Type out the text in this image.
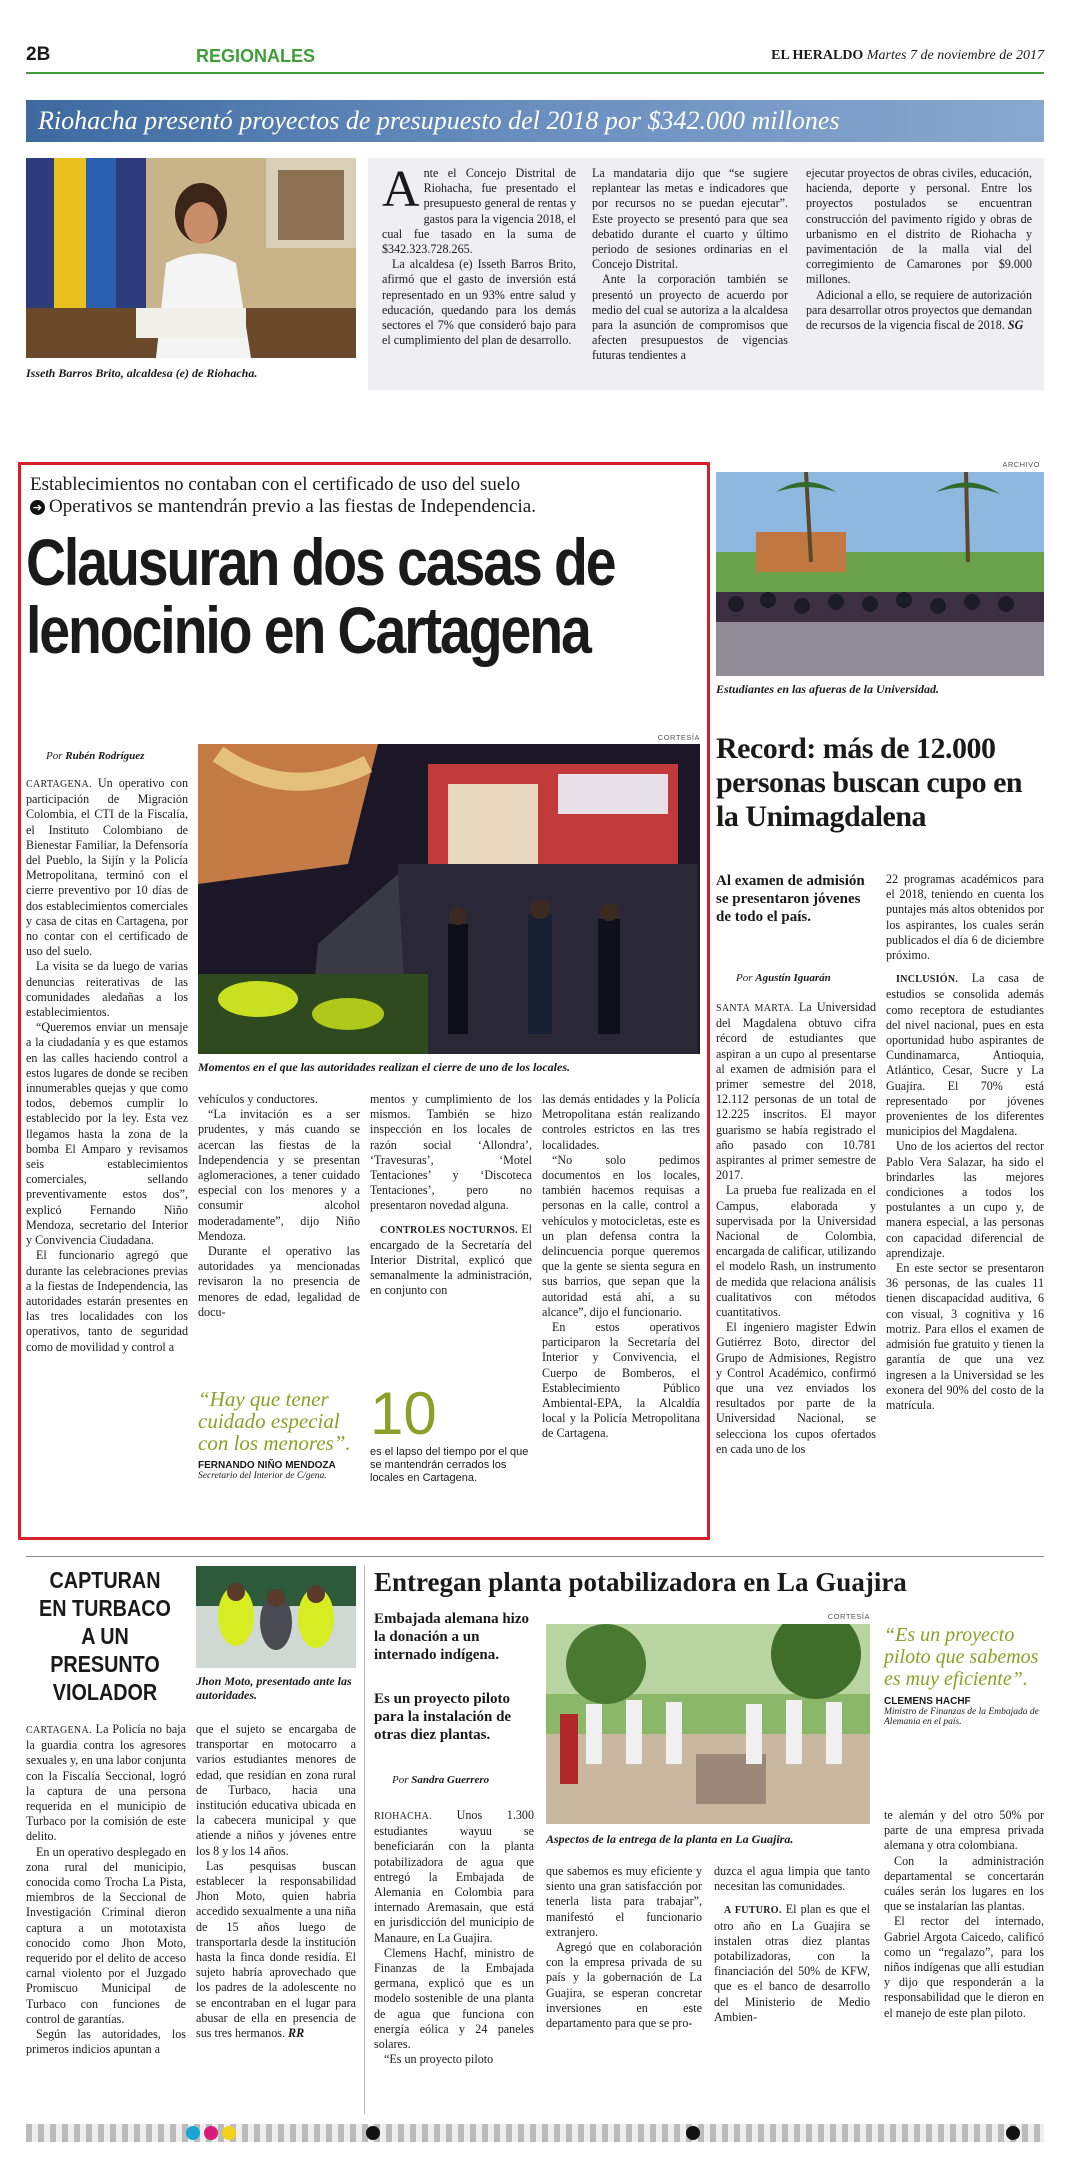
2B	REGIONALES	EL HERALDO Martes 7 de noviembre de 2017
Riohacha presentó proyectos de presupuesto del 2018 por $342.000 millones
Isseth Barros Brito, alcaldesa (e) de Riohacha.
A nte el Concejo Distrital de Riohacha, fue presentado el presupuesto general de rentas y gastos para la vigencia 2018, el cual fue tasado en la suma de $342.323.728.265.

La alcaldesa (e) Isseth Barros Brito, afirmó que el gasto de inversión está representado en un 93% entre salud y educación, quedando para los demás sectores el 7% que consideró bajo para el cumplimiento del plan de desarrollo.

La mandataria dijo que “se sugiere replantear las metas e indicadores que por recursos no se puedan ejecutar”. Este proyecto se presentó para que sea debatido durante el cuarto y último periodo de sesiones ordinarias en el Concejo Distrital.

Ante la corporación también se presentó un proyecto de acuerdo por medio del cual se autoriza a la alcaldesa para la asunción de compromisos que afecten presupuestos de vigencias futuras tendientes a

ejecutar proyectos de obras civiles, educación, hacienda, deporte y personal. Entre los proyectos postulados se encuentran construcción del pavimento rígido y obras de urbanismo en el distrito de Riohacha y pavimentación de la malla vial del corregimiento de Camarones por $9.000 millones.

Adicional a ello, se requiere de autorización para desarrollar otros proyectos que demandan de recursos de la vigencia fiscal de 2018. SG

Establecimientos no contaban con el certificado de uso del suelo
➔ Operativos se mantendrán previo a las fiestas de Independencia.
Clausuran dos casas de
lenocinio en Cartagena
CORTESÍA
Por Rubén Rodríguez
Momentos en el que las autoridades realizan el cierre de uno de los locales.

CARTAGENA. Un operativo con participación de Migración Colombia, el CTI de la Fiscalía, el Instituto Colombiano de Bienestar Familiar, la Defensoría del Pueblo, la Sijín y la Policía Metropolitana, terminó con el cierre preventivo por 10 días de dos establecimientos comerciales y casa de citas en Cartagena, por no contar con el certificado de uso del suelo.

La visita se da luego de varias denuncias reiterativas de las comunidades aledañas a los establecimientos.

“Queremos enviar un mensaje a la ciudadanía y es que estamos en las calles haciendo control a estos lugares de donde se reciben innumerables quejas y que como todos, debemos cumplir lo establecido por la ley. Esta vez llegamos hasta la zona de la bomba El Amparo y revisamos seis establecimientos comerciales, sellando preventivamente estos dos”, explicó Fernando Niño Mendoza, secretario del Interior y Convivencia Ciudadana.

El funcionario agregó que durante las celebraciones previas a la fiestas de Independencia, las autoridades estarán presentes en las tres localidades con los operativos, tanto de seguridad como de movilidad y control a

vehículos y conductores.

“La invitación es a ser prudentes, y más cuando se acercan las fiestas de la Independencia y se presentan aglomeraciones, a tener cuidado especial con los menores y a consumir alcohol moderadamente”, dijo Niño Mendoza.

Durante el operativo las autoridades ya mencionadas revisaron la no presencia de menores de edad, legalidad de docu-

mentos y cumplimiento de los mismos. También se hizo inspección en los locales de razón social ‘Allondra’, ‘Travesuras’, ‘Motel Tentaciones’ y ‘Discoteca Tentaciones’, pero no presentaron novedad alguna.

CONTROLES NOCTURNOS. El encargado de la Secretaría del Interior Distrital, explicó que semanalmente la administración, en conjunto con

las demás entidades y la Policía Metropolitana están realizando controles estrictos en las tres localidades.

“No solo pedimos documentos en los locales, también hacemos requisas a personas en la calle, control a vehículos y motocicletas, este es un plan defensa contra la delincuencia porque queremos que la gente se sienta segura en sus barrios, que sepan que la autoridad está ahí, a su alcance”, dijo el funcionario.

En estos operativos participaron la Secretaría del Interior y Convivencia, el Cuerpo de Bomberos, el Establecimiento Público Ambiental-EPA, la Alcaldía local y la Policía Metropolitana de Cartagena.

“Hay que tener cuidado especial con los menores”.
FERNANDO NIÑO MENDOZA
Secretario del Interior de C/gena.
10
es el lapso del tiempo por el que se mantendrán cerrados los locales en Cartagena.
ARCHIVO
Estudiantes en las afueras de la Universidad.
Record: más de 12.000 personas buscan cupo en la Unimagdalena
Al examen de admisión se presentaron jóvenes de todo el país.
Por Agustín Iguarán

SANTA MARTA. La Universidad del Magdalena obtuvo cifra récord de estudiantes que aspiran a un cupo al presentarse al examen de admisión para el primer semestre del 2018, 12.112 personas de un total de 12.225 inscritos. El mayor guarismo se había registrado el año pasado con 10.781 aspirantes al primer semestre de 2017.

La prueba fue realizada en el Campus, elaborada y supervisada por la Universidad Nacional de Colombia, encargada de calificar, utilizando el modelo Rash, un instrumento de medida que relaciona análisis cualitativos con métodos cuantitativos.

El ingeniero magister Edwin Gutiérrez Boto, director del Grupo de Admisiones, Registro y Control Académico, confirmó que una vez enviados los resultados por parte de la Universidad Nacional, se selecciona los cupos ofertados en cada uno de los

22 programas académicos para el 2018, teniendo en cuenta los puntajes más altos obtenidos por los aspirantes, los cuales serán publicados el día 6 de diciembre próximo.

INCLUSIÓN. La casa de estudios se consolida además como receptora de estudiantes del nivel nacional, pues en esta oportunidad hubo aspirantes de Cundinamarca, Antioquia, Atlántico, Cesar, Sucre y La Guajira. El 70% está representado por jóvenes provenientes de los diferentes municipios del Magdalena.

Uno de los aciertos del rector Pablo Vera Salazar, ha sido el brindarles las mejores condiciones a todos los postulantes a un cupo y, de manera especial, a las personas con capacidad diferencial de aprendizaje.

En este sector se presentaron 36 personas, de las cuales 11 tienen discapacidad auditiva, 6 con visual, 3 cognitiva y 16 motriz. Para ellos el examen de admisión fue gratuito y tienen la garantía de que una vez ingresen a la Universidad se les exonera del 90% del costo de la matrícula.

CAPTURAN EN TURBACO A UN PRESUNTO VIOLADOR	Jhon Moto, presentado ante las autoridades.

CARTAGENA. La Policía no baja la guardia contra los agresores sexuales y, en una labor conjunta con la Fiscalía Seccional, logró la captura de una persona requerida en el municipio de Turbaco por la comisión de este delito.

En un operativo desplegado en zona rural del municipio, conocida como Trocha La Pista, miembros de la Seccional de Investigación Criminal dieron captura a un mototaxista conocido como Jhon Moto, requerido por el delito de acceso carnal violento por el Juzgado Promiscuo Municipal de Turbaco con funciones de control de garantías.

Según las autoridades, los primeros indicios apuntan a

que el sujeto se encargaba de transportar en motocarro a varios estudiantes menores de edad, que residían en zona rural de Turbaco, hacia una institución educativa ubicada en la cabecera municipal y que atiende a niños y jóvenes entre los 8 y los 14 años.

Las pesquisas buscan establecer la responsabilidad Jhon Moto, quien habría accedido sexualmente a una niña de 15 años luego de transportarla desde la institución hasta la finca donde residía. El sujeto habría aprovechado que los padres de la adolescente no se encontraban en el lugar para abusar de ella en presencia de sus tres hermanos. RR

Entregan planta potabilizadora en La Guajira
Embajada alemana hizo la donación a un internado indígena.
Es un proyecto piloto para la instalación de otras diez plantas.
Por Sandra Guerrero
CORTESÍA
Aspectos de la entrega de la planta en La Guajira.
“Es un proyecto piloto que sabemos es muy eficiente”.
CLEMENS HACHF
Ministro de Finanzas de la Embajada de Alemania en el país.

RIOHACHA. Unos 1.300 estudiantes wayuu se beneficiarán con la planta potabilizadora de agua que entregó la Embajada de Alemania en Colombia para internado Aremasain, que está en jurisdicción del municipio de Manaure, en La Guajira.

Clemens Hachf, ministro de Finanzas de la Embajada germana, explicó que es un modelo sostenible de una planta de agua que funciona con energía eólica y 24 paneles solares.

“Es un proyecto piloto

que sabemos es muy eficiente y siento una gran satisfacción por tenerla lista para trabajar”, manifestó el funcionario extranjero.

Agregó que en colaboración con la empresa privada de su país y la gobernación de La Guajira, se esperan concretar inversiones en este departamento para que se pro-

duzca el agua limpia que tanto necesitan las comunidades.

A FUTURO. El plan es que el otro año en La Guajira se instalen otras diez plantas potabilizadoras, con la financiación del 50% de KFW, que es el banco de desarrollo del Ministerio de Medio Ambien-

te alemán y del otro 50% por parte de una empresa privada alemana y otra colombiana.

Con la administración departamental se concertarán cuáles serán los lugares en los que se instalarían las plantas.

El rector del internado, Gabriel Argota Caicedo, calificó como un “regalazo”, para los niños indígenas que allí estudian y dijo que responderán a la responsabilidad que le dieron en el manejo de este plan piloto.
